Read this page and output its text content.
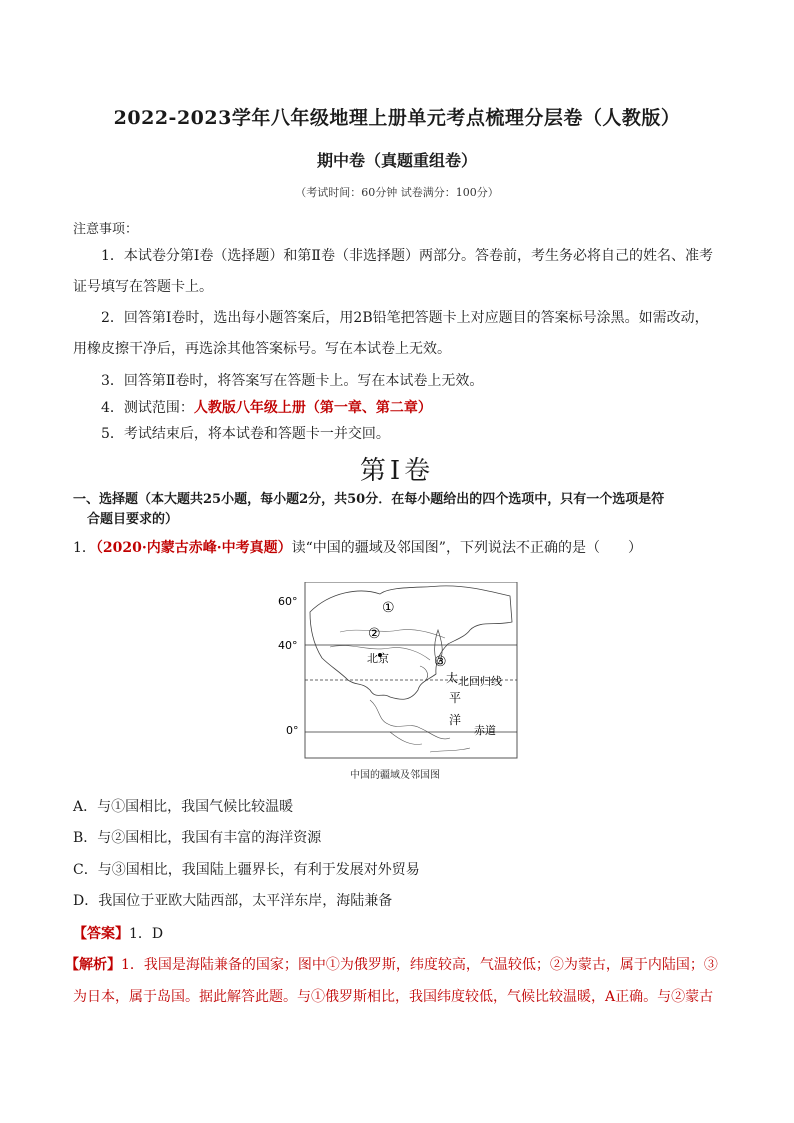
2022-2023学年八年级地理上册单元考点梳理分层卷（人教版）
期中卷（真题重组卷）
（考试时间：60分钟 试卷满分：100分）
注意事项：
1．本试卷分第Ⅰ卷（选择题）和第Ⅱ卷（非选择题）两部分。答卷前，考生务必将自己的姓名、准考
证号填写在答题卡上。
2．回答第Ⅰ卷时，选出每小题答案后，用2B铅笔把答题卡上对应题目的答案标号涂黑。如需改动，
用橡皮擦干净后，再选涂其他答案标号。写在本试卷上无效。
3．回答第Ⅱ卷时，将答案写在答题卡上。写在本试卷上无效。
4．测试范围：人教版八年级上册（第一章、第二章）
5．考试结束后，将本试卷和答题卡一并交回。
第Ⅰ卷
一、选择题（本大题共25小题，每小题2分，共50分．在每小题给出的四个选项中，只有一个选项是符
合题目要求的）
1．（2020·内蒙古赤峰·中考真题）读“中国的疆域及邻国图”，下列说法不正确的是（　　）
60°
40°
0°
①
②
③
北京
北回归线
赤道
太
平
洋
中国的疆域及邻国图
A．与①国相比，我国气候比较温暖
B．与②国相比，我国有丰富的海洋资源
C．与③国相比，我国陆上疆界长，有利于发展对外贸易
D．我国位于亚欧大陆西部，太平洋东岸，海陆兼备
【答案】1．D
【解析】1．我国是海陆兼备的国家；图中①为俄罗斯，纬度较高，气温较低；②为蒙古，属于内陆国；③
为日本，属于岛国。据此解答此题。与①俄罗斯相比，我国纬度较低，气候比较温暖，A正确。与②蒙古
